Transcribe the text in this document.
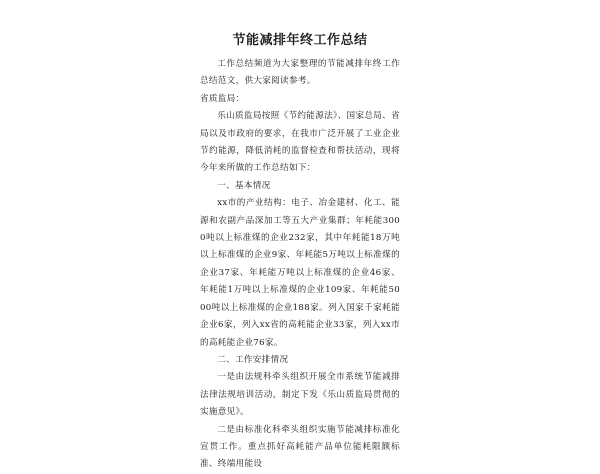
节能减排年终工作总结

工作总结频道为大家整理的节能减排年终工作总结范文，供大家阅读参考。

省质监局：

乐山质监局按照《节约能源法》、国家总局、省局以及市政府的要求，在我市广泛开展了工业企业节约能源，降低消耗的监督检查和帮扶活动，现将今年来所做的工作总结如下：

一、基本情况

xx市的产业结构：电子、冶金建材、化工、能源和农副产品深加工等五大产业集群；年耗能3000吨以上标准煤的企业232家，其中年耗能18万吨以上标准煤的企业9家、年耗能5万吨以上标准煤的企业37家、年耗能万吨以上标准煤的企业46家、年耗能1万吨以上标准煤的企业109家、年耗能5000吨以上标准煤的企业188家。列入国家千家耗能企业6家，列入xx省的高耗能企业33家，列入xx市的高耗能企业76家。

二、工作安排情况

一是由法规科牵头组织开展全市系统节能减排法律法规培训活动，制定下发《乐山质监局贯彻的实施意见》。

二是由标准化科牵头组织实施节能减排标准化宣贯工作。重点抓好高耗能产品单位能耗限额标准、终端用能设
